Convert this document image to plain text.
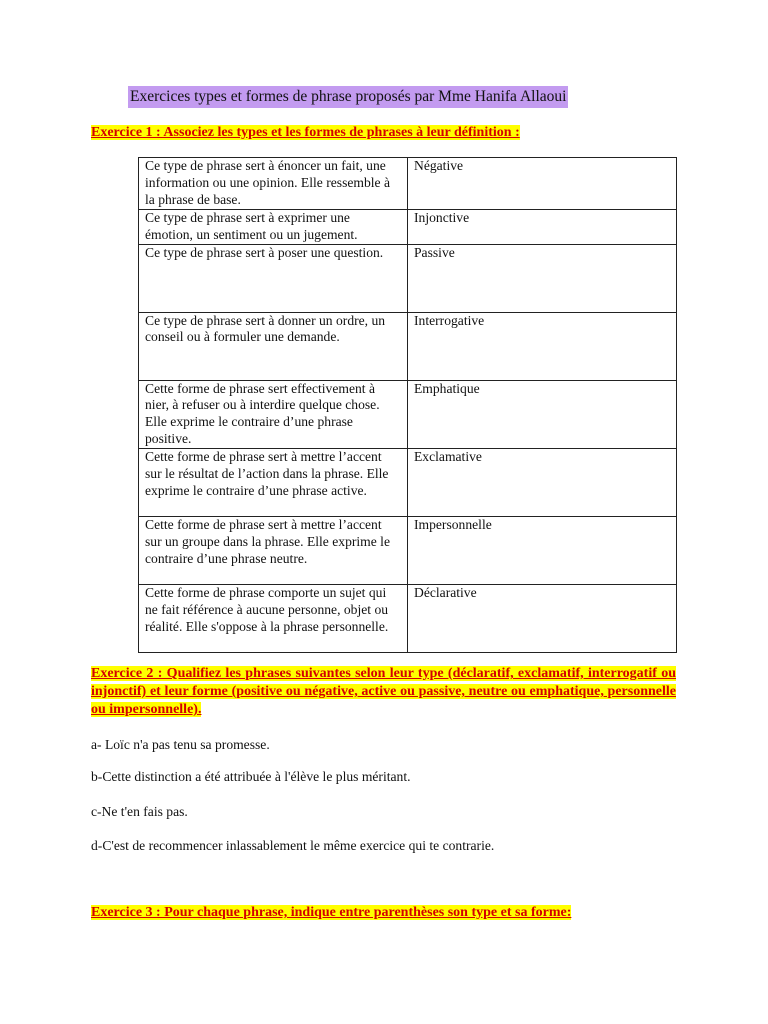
Exercices types et formes de phrase proposés par Mme Hanifa Allaoui
Exercice 1 : Associez les types et les formes de phrases à leur définition :
Ce type de phrase sert à énoncer un fait, une information ou une opinion. Elle ressemble à la phrase de base.	Négative
Ce type de phrase sert à exprimer une émotion, un sentiment ou un jugement.	Injonctive
Ce type de phrase sert à poser une question.	Passive
Ce type de phrase sert à donner un ordre, un conseil ou à formuler une demande.	Interrogative
Cette forme de phrase sert effectivement à nier, à refuser ou à interdire quelque chose. Elle exprime le contraire d’une phrase positive.	Emphatique
Cette forme de phrase sert à mettre l’accent sur le résultat de l’action dans la phrase. Elle exprime le contraire d’une phrase active.	Exclamative
Cette forme de phrase sert à mettre l’accent sur un groupe dans la phrase. Elle exprime le contraire d’une phrase neutre.	Impersonnelle
Cette forme de phrase comporte un sujet qui ne fait référence à aucune personne, objet ou réalité. Elle s'oppose à la phrase personnelle.	Déclarative
Exercice 2 : Qualifiez les phrases suivantes selon leur type (déclaratif, exclamatif, interrogatif ou injonctif) et leur forme (positive ou négative, active ou passive, neutre ou emphatique, personnelle ou impersonnelle).
a- Loïc n'a pas tenu sa promesse.
b-Cette distinction a été attribuée à l'élève le plus méritant.
c-Ne t'en fais pas.
d-C'est de recommencer inlassablement le même exercice qui te contrarie.
Exercice 3 : Pour chaque phrase, indique entre parenthèses son type et sa forme:
